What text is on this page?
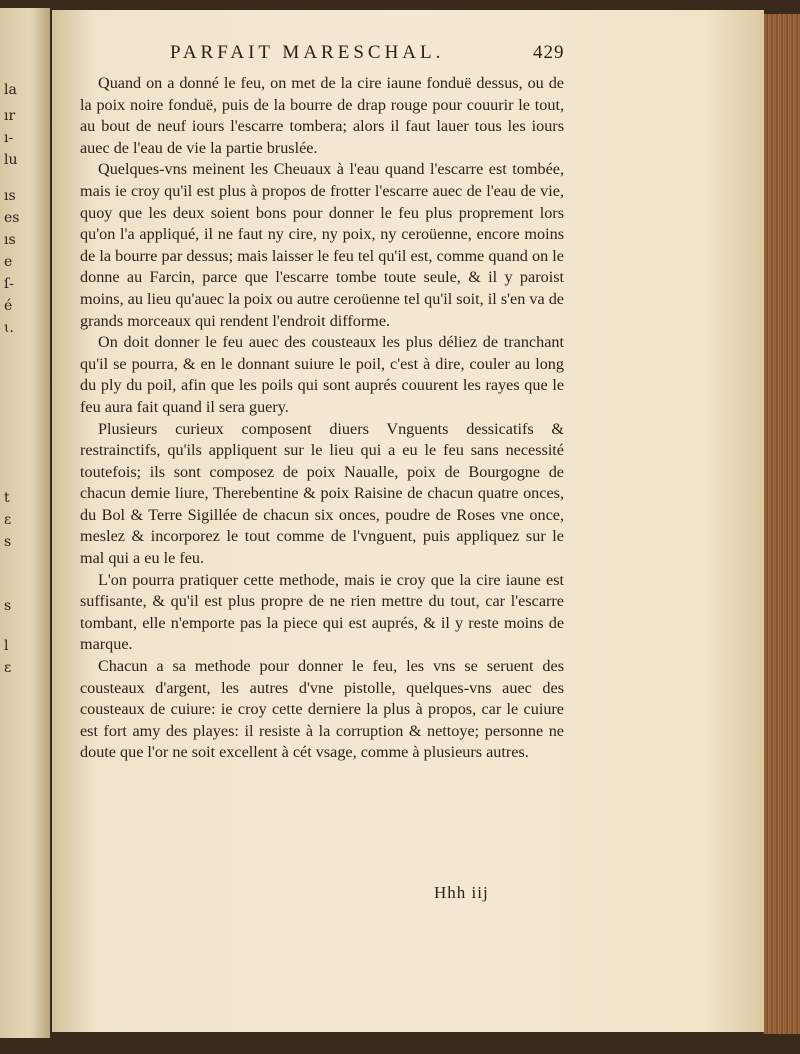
la
ır
ı-
lu
ıs
es
ıs
e
ſ-
é
ɩ.
t
ɛ
s
s
l
ɛ
PARFAIT MARESCHAL.	429

Quand on a donné le feu, on met de la cire iaune fonduë dessus, ou de la poix noire fonduë, puis de la bourre de drap rouge pour couurir le tout, au bout de neuf iours l'escarre tombera; alors il faut lauer tous les iours auec de l'eau de vie la partie bruslée.

Quelques-vns meinent les Cheuaux à l'eau quand l'escarre est tombée, mais ie croy qu'il est plus à propos de frotter l'escarre auec de l'eau de vie, quoy que les deux soient bons pour donner le feu plus proprement lors qu'on l'a appliqué, il ne faut ny cire, ny poix, ny ceroüenne, encore moins de la bourre par dessus; mais laisser le feu tel qu'il est, comme quand on le donne au Farcin, parce que l'escarre tombe toute seule, & il y paroist moins, au lieu qu'auec la poix ou autre ceroüenne tel qu'il soit, il s'en va de grands morceaux qui rendent l'endroit difforme.

On doit donner le feu auec des cousteaux les plus déliez de tranchant qu'il se pourra, & en le donnant suiure le poil, c'est à dire, couler au long du ply du poil, afin que les poils qui sont auprés couurent les rayes que le feu aura fait quand il sera guery.

Plusieurs curieux composent diuers Vnguents dessicatifs & restrainctifs, qu'ils appliquent sur le lieu qui a eu le feu sans necessité toutefois; ils sont composez de poix Naualle, poix de Bourgogne de chacun demie liure, Therebentine & poix Raisine de chacun quatre onces, du Bol & Terre Sigillée de chacun six onces, poudre de Roses vne once, meslez & incorporez le tout comme de l'vnguent, puis appliquez sur le mal qui a eu le feu.

L'on pourra pratiquer cette methode, mais ie croy que la cire iaune est suffisante, & qu'il est plus propre de ne rien mettre du tout, car l'escarre tombant, elle n'emporte pas la piece qui est auprés, & il y reste moins de marque.

Chacun a sa methode pour donner le feu, les vns se seruent des cousteaux d'argent, les autres d'vne pistolle, quelques-vns auec des cousteaux de cuiure: ie croy cette derniere la plus à propos, car le cuiure est fort amy des playes: il resiste à la corruption & nettoye; personne ne doute que l'or ne soit excellent à cét vsage, comme à plusieurs autres.

Hhh iij
